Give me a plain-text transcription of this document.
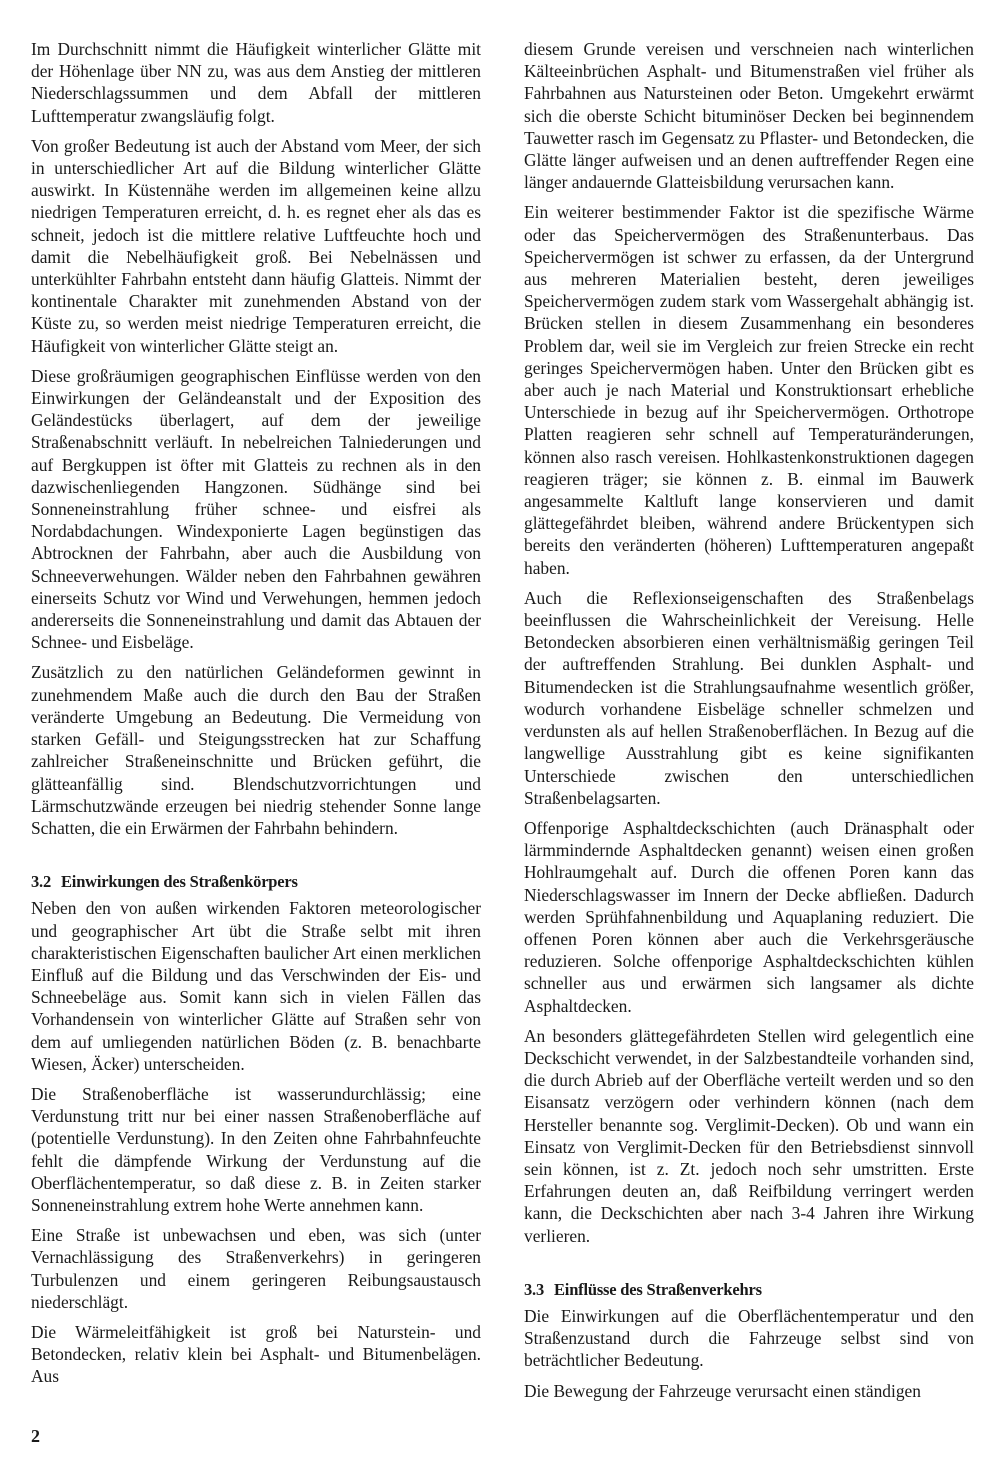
Im Durchschnitt nimmt die Häufigkeit winterlicher Glätte mit der Höhenlage über NN zu, was aus dem Anstieg der mittleren Niederschlagssummen und dem Abfall der mittleren Lufttemperatur zwangsläufig folgt.

Von großer Bedeutung ist auch der Abstand vom Meer, der sich in unterschiedlicher Art auf die Bildung winterlicher Glätte auswirkt. In Küstennähe werden im allgemeinen keine allzu niedrigen Temperaturen erreicht, d. h. es regnet eher als das es schneit, jedoch ist die mittlere relative Luftfeuchte hoch und damit die Nebelhäufigkeit groß. Bei Nebelnässen und unterkühlter Fahrbahn entsteht dann häufig Glatteis. Nimmt der kontinentale Charakter mit zunehmenden Abstand von der Küste zu, so werden meist niedrige Temperaturen erreicht, die Häufigkeit von winterlicher Glätte steigt an.

Diese großräumigen geographischen Einflüsse werden von den Einwirkungen der Geländeanstalt und der Exposition des Geländestücks überlagert, auf dem der jeweilige Straßenabschnitt verläuft. In nebelreichen Talniederungen und auf Bergkuppen ist öfter mit Glatteis zu rechnen als in den dazwischenliegenden Hangzonen. Südhänge sind bei Sonneneinstrahlung früher schnee- und eisfrei als Nordabdachungen. Windexponierte Lagen begünstigen das Abtrocknen der Fahrbahn, aber auch die Ausbildung von Schneeverwehungen. Wälder neben den Fahrbahnen gewähren einerseits Schutz vor Wind und Verwehungen, hemmen jedoch andererseits die Sonneneinstrahlung und damit das Abtauen der Schnee- und Eisbeläge.

Zusätzlich zu den natürlichen Geländeformen gewinnt in zunehmendem Maße auch die durch den Bau der Straßen veränderte Umgebung an Bedeutung. Die Vermeidung von starken Gefäll- und Steigungsstrecken hat zur Schaffung zahlreicher Straßeneinschnitte und Brücken geführt, die glätteanfällig sind. Blendschutzvorrichtungen und Lärmschutzwände erzeugen bei niedrig stehender Sonne lange Schatten, die ein Erwärmen der Fahrbahn behindern.

3.2 Einwirkungen des Straßenkörpers

Neben den von außen wirkenden Faktoren meteorologischer und geographischer Art übt die Straße selbt mit ihren charakteristischen Eigenschaften baulicher Art einen merklichen Einfluß auf die Bildung und das Verschwinden der Eis- und Schneebeläge aus. Somit kann sich in vielen Fällen das Vorhandensein von winterlicher Glätte auf Straßen sehr von dem auf umliegenden natürlichen Böden (z. B. benachbarte Wiesen, Äcker) unterscheiden.

Die Straßenoberfläche ist wasserundurchlässig; eine Verdunstung tritt nur bei einer nassen Straßenoberfläche auf (potentielle Verdunstung). In den Zeiten ohne Fahrbahnfeuchte fehlt die dämpfende Wirkung der Verdunstung auf die Oberflächentemperatur, so daß diese z. B. in Zeiten starker Sonneneinstrahlung extrem hohe Werte annehmen kann.

Eine Straße ist unbewachsen und eben, was sich (unter Vernachlässigung des Straßenverkehrs) in geringeren Turbulenzen und einem geringeren Reibungsaustausch niederschlägt.

Die Wärmeleitfähigkeit ist groß bei Naturstein- und Betondecken, relativ klein bei Asphalt- und Bitumenbelägen. Aus

diesem Grunde vereisen und verschneien nach winterlichen Kälteeinbrüchen Asphalt- und Bitumenstraßen viel früher als Fahrbahnen aus Natursteinen oder Beton. Umgekehrt erwärmt sich die oberste Schicht bituminöser Decken bei beginnendem Tauwetter rasch im Gegensatz zu Pflaster- und Betondecken, die Glätte länger aufweisen und an denen auftreffender Regen eine länger andauernde Glatteisbildung verursachen kann.

Ein weiterer bestimmender Faktor ist die spezifische Wärme oder das Speichervermögen des Straßenunterbaus. Das Speichervermögen ist schwer zu erfassen, da der Untergrund aus mehreren Materialien besteht, deren jeweiliges Speichervermögen zudem stark vom Wassergehalt abhängig ist. Brücken stellen in diesem Zusammenhang ein besonderes Problem dar, weil sie im Vergleich zur freien Strecke ein recht geringes Speichervermögen haben. Unter den Brücken gibt es aber auch je nach Material und Konstruktionsart erhebliche Unterschiede in bezug auf ihr Speichervermögen. Orthotrope Platten reagieren sehr schnell auf Temperaturänderungen, können also rasch vereisen. Hohlkastenkonstruktionen dagegen reagieren träger; sie können z. B. einmal im Bauwerk angesammelte Kaltluft lange konservieren und damit glättegefährdet bleiben, während andere Brückentypen sich bereits den veränderten (höheren) Lufttemperaturen angepaßt haben.

Auch die Reflexionseigenschaften des Straßenbelags beeinflussen die Wahrscheinlichkeit der Vereisung. Helle Betondecken absorbieren einen verhältnismäßig geringen Teil der auftreffenden Strahlung. Bei dunklen Asphalt- und Bitumendecken ist die Strahlungsaufnahme wesentlich größer, wodurch vorhandene Eisbeläge schneller schmelzen und verdunsten als auf hellen Straßenoberflächen. In Bezug auf die langwellige Ausstrahlung gibt es keine signifikanten Unterschiede zwischen den unterschiedlichen Straßenbelagsarten.

Offenporige Asphaltdeckschichten (auch Dränasphalt oder lärmmindernde Asphaltdecken genannt) weisen einen großen Hohlraumgehalt auf. Durch die offenen Poren kann das Niederschlagswasser im Innern der Decke abfließen. Dadurch werden Sprühfahnenbildung und Aquaplaning reduziert. Die offenen Poren können aber auch die Verkehrsgeräusche reduzieren. Solche offenporige Asphaltdeckschichten kühlen schneller aus und erwärmen sich langsamer als dichte Asphaltdecken.

An besonders glättegefährdeten Stellen wird gelegentlich eine Deckschicht verwendet, in der Salzbestandteile vorhanden sind, die durch Abrieb auf der Oberfläche verteilt werden und so den Eisansatz verzögern oder verhindern können (nach dem Hersteller benannte sog. Verglimit-Decken). Ob und wann ein Einsatz von Verglimit-Decken für den Betriebsdienst sinnvoll sein können, ist z. Zt. jedoch noch sehr umstritten. Erste Erfahrungen deuten an, daß Reifbildung verringert werden kann, die Deckschichten aber nach 3-4 Jahren ihre Wirkung verlieren.

3.3 Einflüsse des Straßenverkehrs

Die Einwirkungen auf die Oberflächentemperatur und den Straßenzustand durch die Fahrzeuge selbst sind von beträchtlicher Bedeutung.

Die Bewegung der Fahrzeuge verursacht einen ständigen

2
